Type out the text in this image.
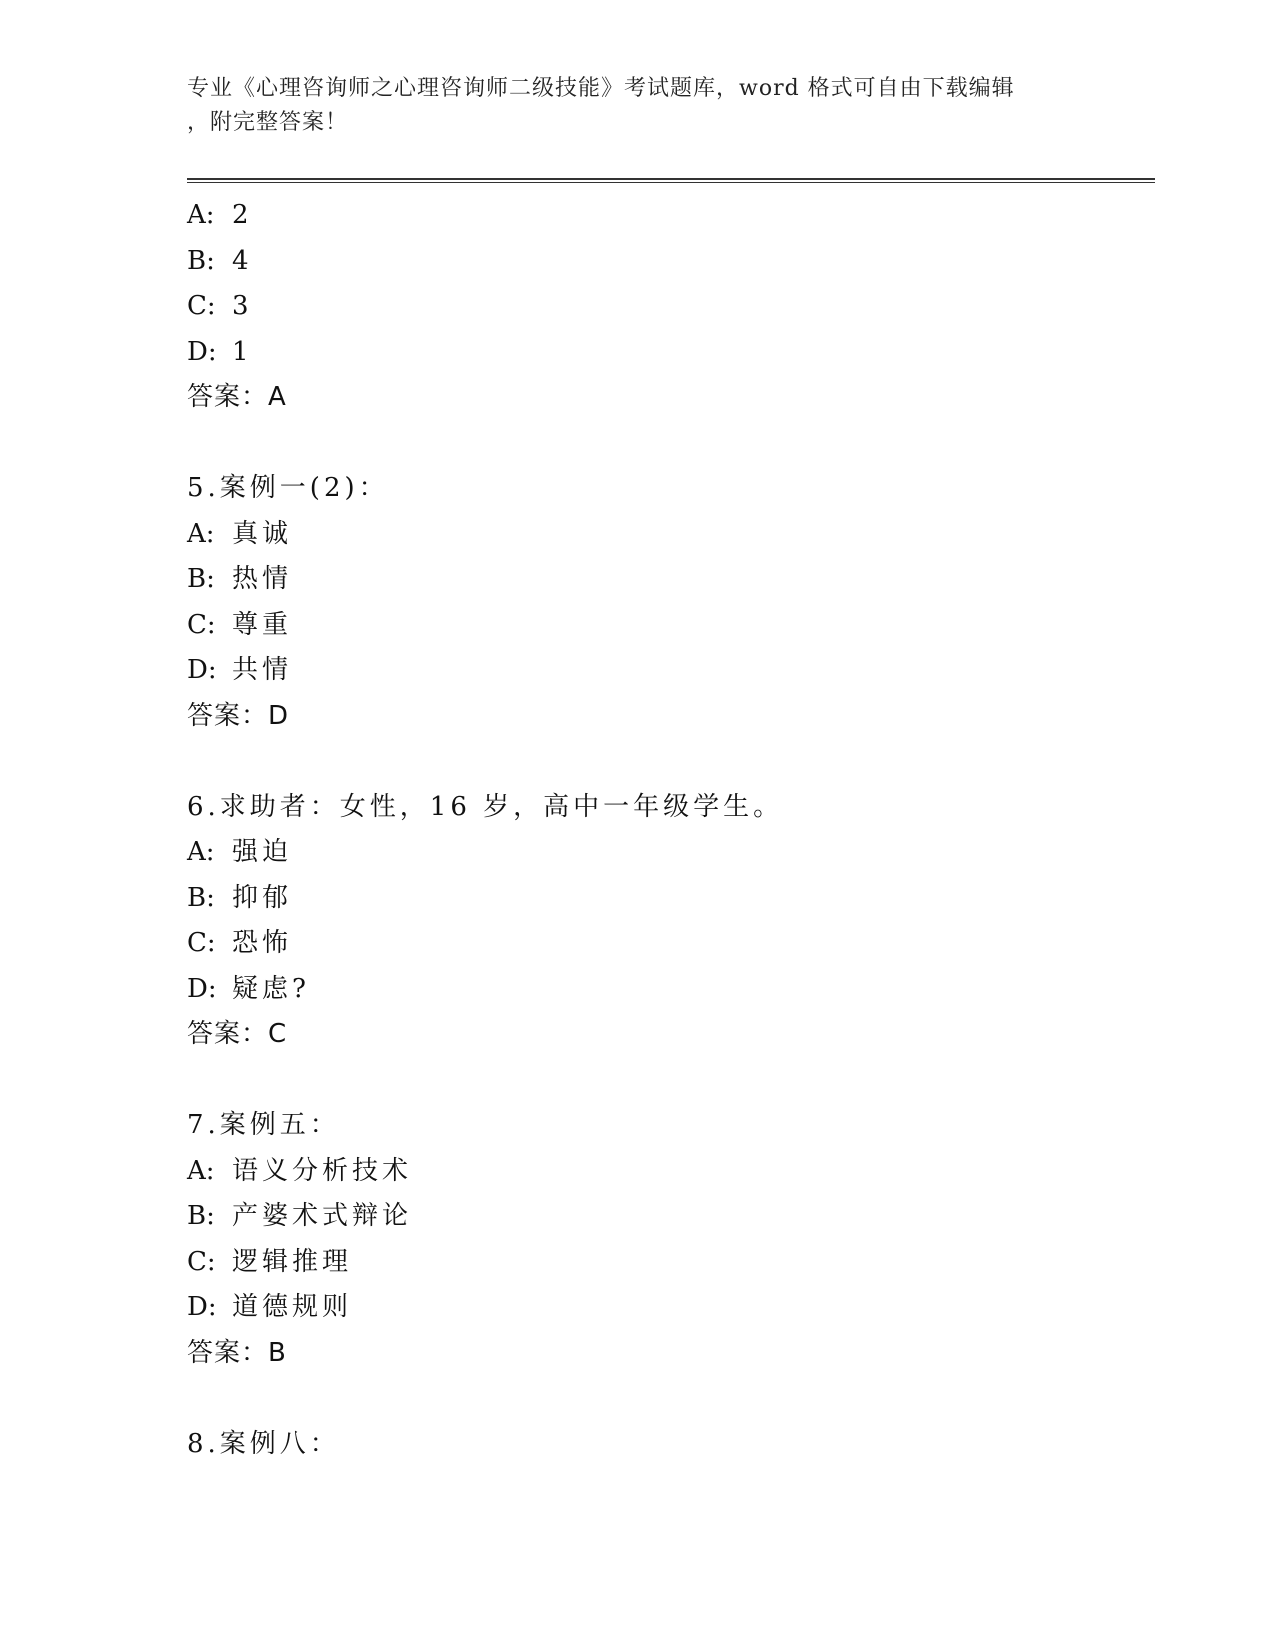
专业《心理咨询师之心理咨询师二级技能》考试题库，word 格式可自由下载编辑
，附完整答案！
A: 2
B: 4
C: 3
D: 1
答案：A
5.案例一(2)：
A: 真诚
B: 热情
C: 尊重
D: 共情
答案：D
6.求助者：女性，16 岁，高中一年级学生。
A: 强迫
B: 抑郁
C: 恐怖
D: 疑虑?
答案：C
7.案例五：
A: 语义分析技术
B: 产婆术式辩论
C: 逻辑推理
D: 道德规则
答案：B
8.案例八：
